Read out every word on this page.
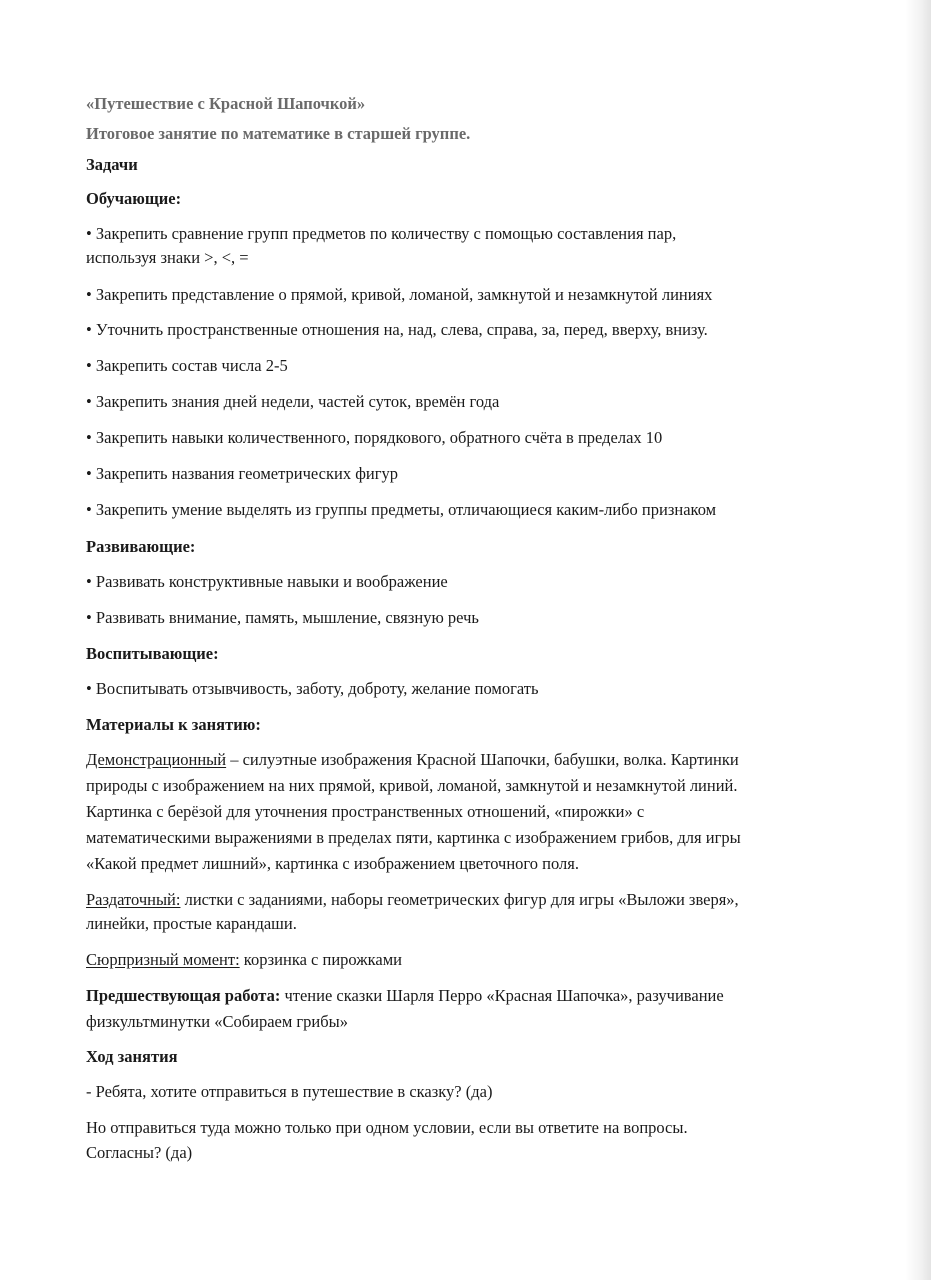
«Путешествие с Красной Шапочкой»
Итоговое занятие по математике в старшей группе.
Задачи
Обучающие:
• Закрепить сравнение групп предметов по количеству с помощью составления пар,
используя знаки >, <, =
• Закрепить представление о прямой, кривой, ломаной, замкнутой и незамкнутой линиях
• Уточнить пространственные отношения на, над, слева, справа, за, перед, вверху, внизу.
• Закрепить состав числа 2-5
• Закрепить знания дней недели, частей суток, времён года
• Закрепить навыки количественного, порядкового, обратного счёта в пределах 10
• Закрепить названия геометрических фигур
• Закрепить умение выделять из группы предметы, отличающиеся каким-либо признаком
Развивающие:
• Развивать конструктивные навыки и воображение
• Развивать внимание, память, мышление, связную речь
Воспитывающие:
• Воспитывать отзывчивость, заботу, доброту, желание помогать
Материалы к занятию:
Демонстрационный – силуэтные изображения Красной Шапочки, бабушки, волка. Картинки
природы с изображением на них прямой, кривой, ломаной, замкнутой и незамкнутой линий.
Картинка с берёзой для уточнения пространственных отношений, «пирожки» с
математическими выражениями в пределах пяти, картинка с изображением грибов, для игры
«Какой предмет лишний», картинка с изображением цветочного поля.
Раздаточный: листки с заданиями, наборы геометрических фигур для игры «Выложи зверя»,
линейки, простые карандаши.
Сюрпризный момент: корзинка с пирожками
Предшествующая работа: чтение сказки Шарля Перро «Красная Шапочка», разучивание
физкультминутки «Собираем грибы»
Ход занятия
- Ребята, хотите отправиться в путешествие в сказку? (да)
Но отправиться туда можно только при одном условии, если вы ответите на вопросы.
Согласны? (да)
